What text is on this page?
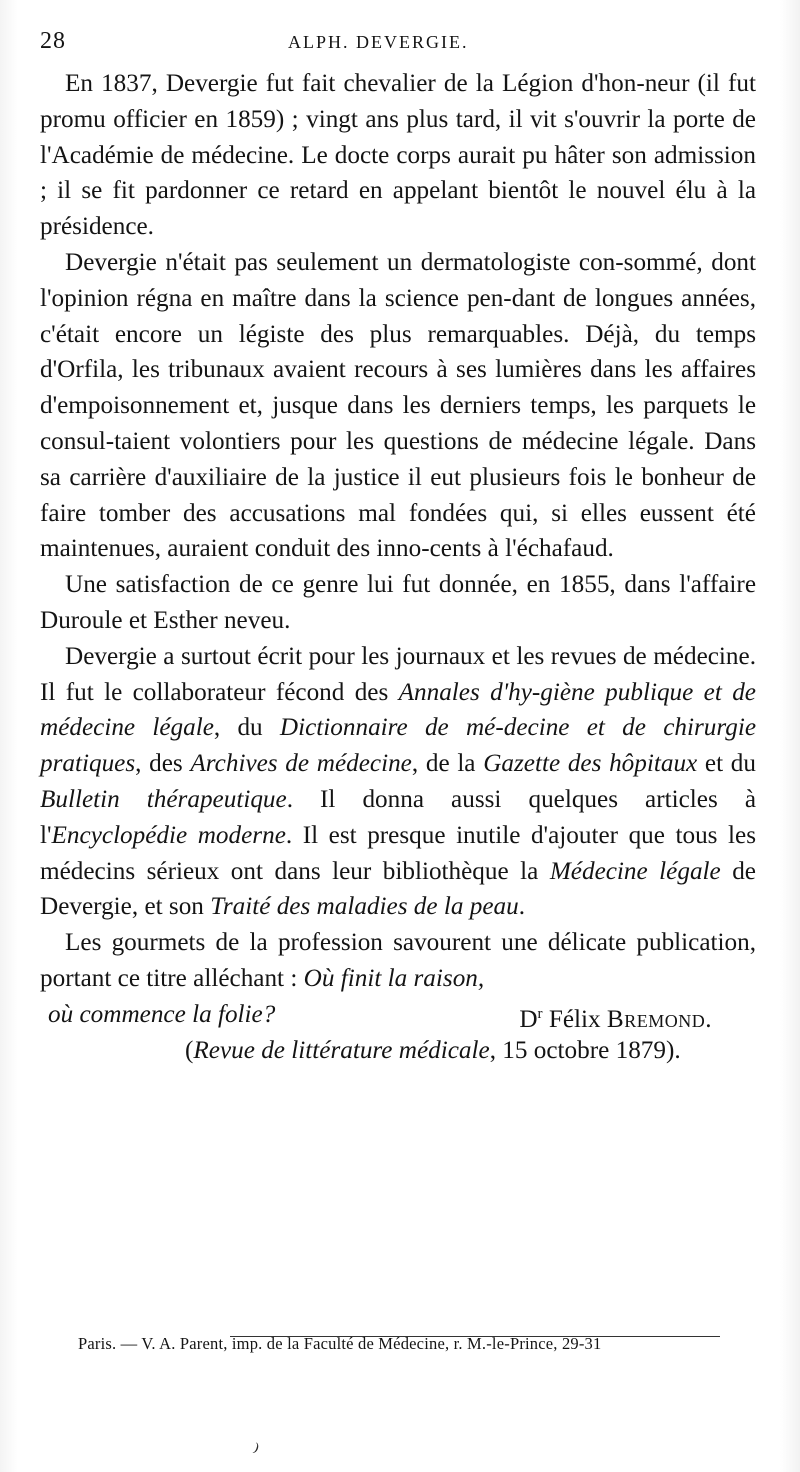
28	ALPH. DEVERGIE.

En 1837, Devergie fut fait chevalier de la Légion d'hon-neur (il fut promu officier en 1859) ; vingt ans plus tard, il vit s'ouvrir la porte de l'Académie de médecine. Le docte corps aurait pu hâter son admission ; il se fit pardonner ce retard en appelant bientôt le nouvel élu à la présidence.

Devergie n'était pas seulement un dermatologiste con-sommé, dont l'opinion régna en maître dans la science pen-dant de longues années, c'était encore un légiste des plus remarquables. Déjà, du temps d'Orfila, les tribunaux avaient recours à ses lumières dans les affaires d'empoisonnement et, jusque dans les derniers temps, les parquets le consul-taient volontiers pour les questions de médecine légale. Dans sa carrière d'auxiliaire de la justice il eut plusieurs fois le bonheur de faire tomber des accusations mal fondées qui, si elles eussent été maintenues, auraient conduit des inno-cents à l'échafaud.

Une satisfaction de ce genre lui fut donnée, en 1855, dans l'affaire Duroule et Esther neveu.

Devergie a surtout écrit pour les journaux et les revues de médecine. Il fut le collaborateur fécond des Annales d'hy-giène publique et de médecine légale, du Dictionnaire de mé-decine et de chirurgie pratiques, des Archives de médecine, de la Gazette des hôpitaux et du Bulletin thérapeutique. Il donna aussi quelques articles à l'Encyclopédie moderne. Il est presque inutile d'ajouter que tous les médecins sérieux ont dans leur bibliothèque la Médecine légale de Devergie, et son Traité des maladies de la peau.

Les gourmets de la profession savourent une délicate publication, portant ce titre alléchant : Où finit la raison,

où commence la folie?	$D^r$ Félix Bremond.

(Revue de littérature médicale, 15 octobre 1879).

Paris. — V. A. Parent, imp. de la Faculté de Médecine, r. M.-le-Prince, 29-31
⁾
